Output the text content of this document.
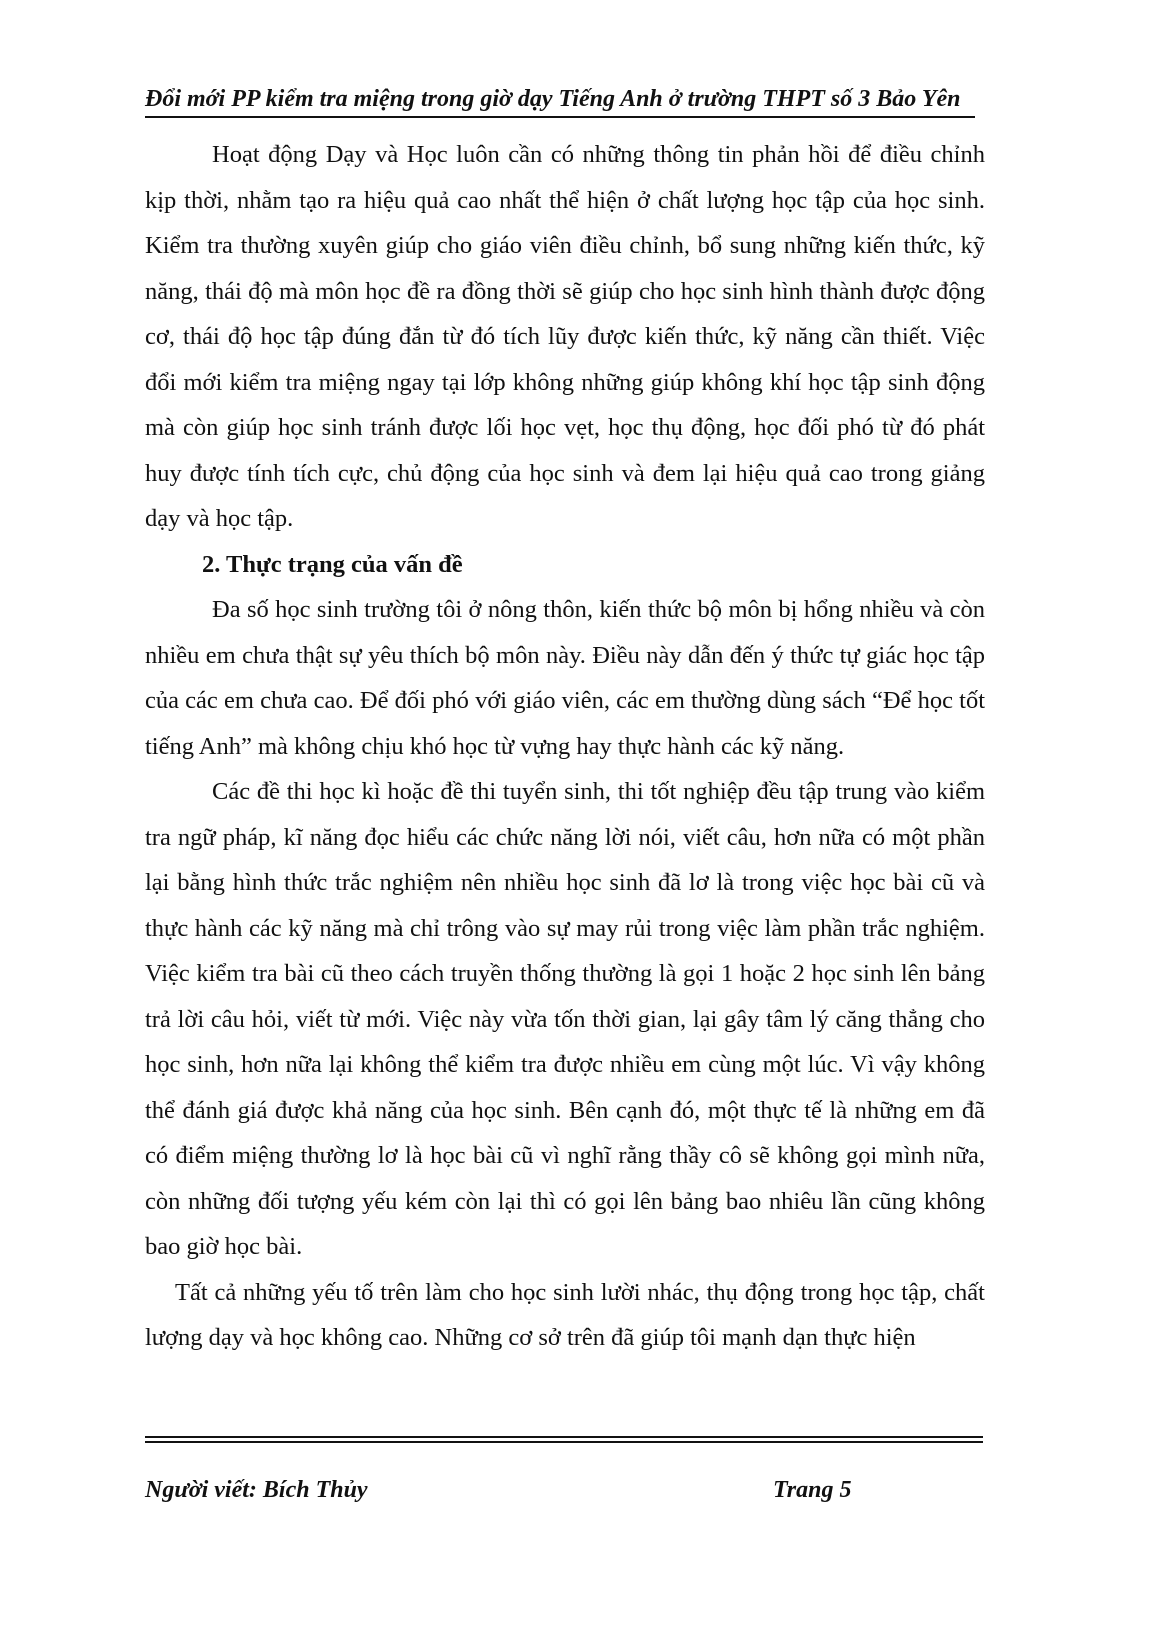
Đổi mới PP kiểm tra miệng trong giờ dạy Tiếng Anh ở trường THPT số 3 Bảo Yên

Hoạt động Dạy và Học luôn cần có những thông tin phản hồi để điều chỉnh kịp thời, nhằm tạo ra hiệu quả cao nhất thể hiện ở chất lượng học tập của học sinh. Kiểm tra thường xuyên giúp cho giáo viên điều chỉnh, bổ sung những kiến thức, kỹ năng, thái độ mà môn học đề ra đồng thời sẽ giúp cho học sinh hình thành được động cơ, thái độ học tập đúng đắn từ đó tích lũy được kiến thức, kỹ năng cần thiết. Việc đổi mới kiểm tra miệng ngay tại lớp không những giúp không khí học tập sinh động mà còn giúp học sinh tránh được lối học vẹt, học thụ động, học đối phó từ đó phát huy được tính tích cực, chủ động của học sinh và đem lại hiệu quả cao trong giảng dạy và học tập.

2. Thực trạng của vấn đề

Đa số học sinh trường tôi ở nông thôn, kiến thức bộ môn bị hổng nhiều và còn nhiều em chưa thật sự yêu thích bộ môn này. Điều này dẫn đến ý thức tự giác học tập của các em chưa cao. Để đối phó với giáo viên, các em thường dùng sách “Để học tốt tiếng Anh” mà không chịu khó học từ vựng hay thực hành các kỹ năng.

Các đề thi học kì hoặc đề thi tuyển sinh, thi tốt nghiệp đều tập trung vào kiểm tra ngữ pháp, kĩ năng đọc hiểu các chức năng lời nói, viết câu, hơn nữa có một phần lại bằng hình thức trắc nghiệm nên nhiều học sinh đã lơ là trong việc học bài cũ và thực hành các kỹ năng mà chỉ trông vào sự may rủi trong việc làm phần trắc nghiệm. Việc kiểm tra bài cũ theo cách truyền thống thường là gọi 1 hoặc 2 học sinh lên bảng trả lời câu hỏi, viết từ mới. Việc này vừa tốn thời gian, lại gây tâm lý căng thẳng cho học sinh, hơn nữa lại không thể kiểm tra được nhiều em cùng một lúc. Vì vậy không thể đánh giá được khả năng của học sinh. Bên cạnh đó, một thực tế là những em đã có điểm miệng thường lơ là học bài cũ vì nghĩ rằng thầy cô sẽ không gọi mình nữa, còn những đối tượng yếu kém còn lại thì có gọi lên bảng bao nhiêu lần cũng không bao giờ học bài.

Tất cả những yếu tố trên làm cho học sinh lười nhác, thụ động trong học tập, chất lượng dạy và học không cao. Những cơ sở trên đã giúp tôi mạnh dạn thực hiện

Người viết: Bích Thủy	Trang 5
